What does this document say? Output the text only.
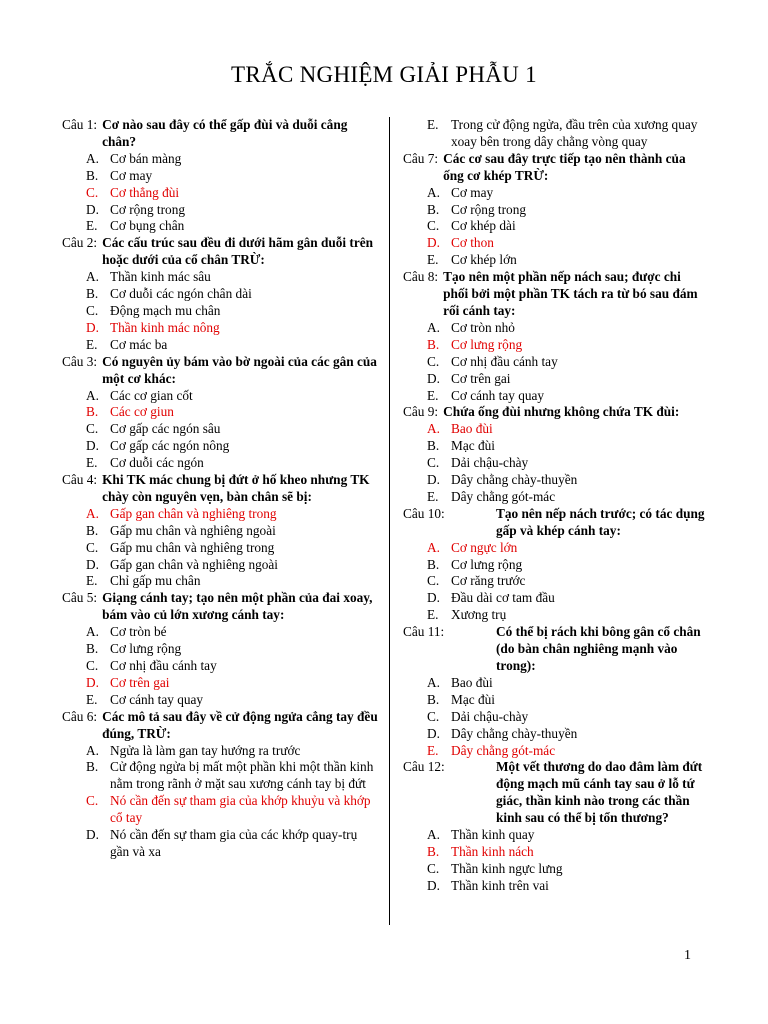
TRẮC NGHIỆM GIẢI PHẪU 1
Câu 1: Cơ nào sau đây có thể gấp đùi và duỗi cẳng chân?
A. Cơ bán màng
B. Cơ may
C. Cơ thẳng đùi
D. Cơ rộng trong
E. Cơ bụng chân
Câu 2: Các cấu trúc sau đều đi dưới hãm gân duỗi trên hoặc dưới của cổ chân TRỪ:
A. Thần kinh mác sâu
B. Cơ duỗi các ngón chân dài
C. Động mạch mu chân
D. Thần kinh mác nông
E. Cơ mác ba
Câu 3: Có nguyên ủy bám vào bờ ngoài của các gân của một cơ khác:
A. Các cơ gian cốt
B. Các cơ giun
C. Cơ gấp các ngón sâu
D. Cơ gấp các ngón nông
E. Cơ duỗi các ngón
Câu 4: Khi TK mác chung bị đứt ở hố kheo nhưng TK chày còn nguyên vẹn, bàn chân sẽ bị:
A. Gấp gan chân và nghiêng trong
B. Gấp mu chân và nghiêng ngoài
C. Gấp mu chân và nghiêng trong
D. Gấp gan chân và nghiêng ngoài
E. Chỉ gấp mu chân
Câu 5: Giạng cánh tay; tạo nên một phần của đai xoay, bám vào củ lớn xương cánh tay:
A. Cơ tròn bé
B. Cơ lưng rộng
C. Cơ nhị đầu cánh tay
D. Cơ trên gai
E. Cơ cánh tay quay
Câu 6: Các mô tả sau đây về cử động ngửa cẳng tay đều đúng, TRỪ:
A. Ngửa là làm gan tay hướng ra trước
B. Cử động ngửa bị mất một phần khi một thần kinh nằm trong rãnh ở mặt sau xương cánh tay bị đứt
C. Nó cần đến sự tham gia của khớp khuỷu và khớp cổ tay
D. Nó cần đến sự tham gia của các khớp quay-trụ gần và xa
E. Trong cử động ngửa, đầu trên của xương quay xoay bên trong dây chằng vòng quay
Câu 7: Các cơ sau đây trực tiếp tạo nên thành của ống cơ khép TRỪ:
A. Cơ may
B. Cơ rộng trong
C. Cơ khép dài
D. Cơ thon
E. Cơ khép lớn
Câu 8: Tạo nên một phần nếp nách sau; được chi phối bởi một phần TK tách ra từ bó sau đám rối cánh tay:
A. Cơ tròn nhỏ
B. Cơ lưng rộng
C. Cơ nhị đầu cánh tay
D. Cơ trên gai
E. Cơ cánh tay quay
Câu 9: Chứa ống đùi nhưng không chứa TK đùi:
A. Bao đùi
B. Mạc đùi
C. Dải chậu-chày
D. Dây chằng chày-thuyền
E. Dây chằng gót-mác
Câu 10:	Tạo nên nếp nách trước; có tác dụng gấp và khép cánh tay:
A. Cơ ngực lớn
B. Cơ lưng rộng
C. Cơ răng trước
D. Đầu dài cơ tam đầu
E. Xương trụ
Câu 11:	Có thể bị rách khi bông gân cổ chân (do bàn chân nghiêng mạnh vào trong):
A. Bao đùi
B. Mạc đùi
C. Dải chậu-chày
D. Dây chằng chày-thuyền
E. Dây chằng gót-mác
Câu 12:	Một vết thương do dao đâm làm đứt động mạch mũ cánh tay sau ở lỗ tứ giác, thần kinh nào trong các thần kinh sau có thể bị tổn thương?
A. Thần kinh quay
B. Thần kinh nách
C. Thần kinh ngực lưng
D. Thần kinh trên vai
1
